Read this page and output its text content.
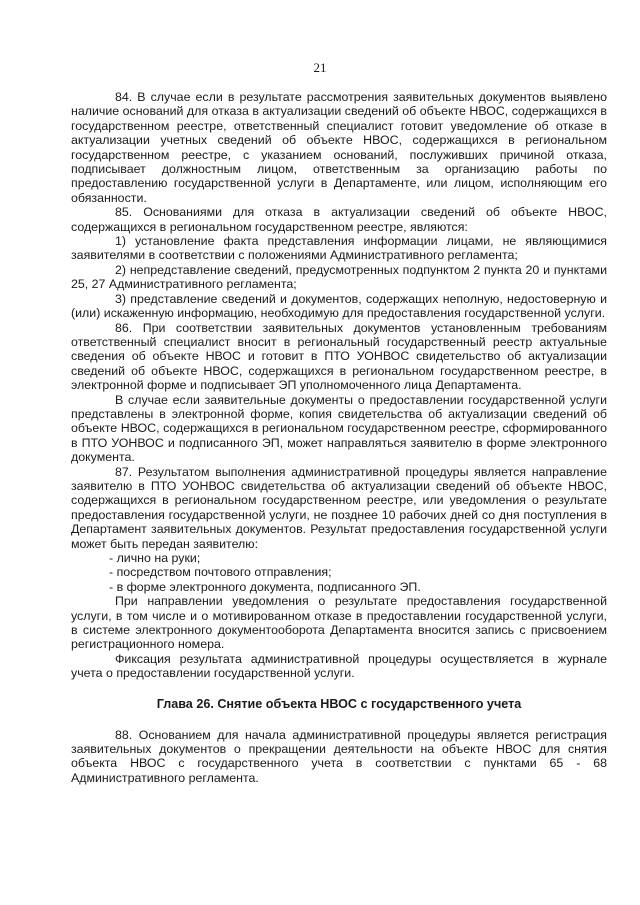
21

84. В случае если в результате рассмотрения заявительных документов выявлено наличие оснований для отказа в актуализации сведений об объекте НВОС, содержащихся в государственном реестре, ответственный специалист готовит уведомление об отказе в актуализации учетных сведений об объекте НВОС, содержащихся в региональном государственном реестре, с указанием оснований, послуживших причиной отказа, подписывает должностным лицом, ответственным за организацию работы по предоставлению государственной услуги в Департаменте, или лицом, исполняющим его обязанности.

85. Основаниями для отказа в актуализации сведений об объекте НВОС, содержащихся в региональном государственном реестре, являются:

1) установление факта представления информации лицами, не являющимися заявителями в соответствии с положениями Административного регламента;

2) непредставление сведений, предусмотренных подпунктом 2 пункта 20 и пунктами 25, 27 Административного регламента;

3) представление сведений и документов, содержащих неполную, недостоверную и (или) искаженную информацию, необходимую для предоставления государственной услуги.

86. При соответствии заявительных документов установленным требованиям ответственный специалист вносит в региональный государственный реестр актуальные сведения об объекте НВОС и готовит в ПТО УОНВОС свидетельство об актуализации сведений об объекте НВОС, содержащихся в региональном государственном реестре, в электронной форме и подписывает ЭП уполномоченного лица Департамента.

В случае если заявительные документы о предоставлении государственной услуги представлены в электронной форме, копия свидетельства об актуализации сведений об объекте НВОС, содержащихся в региональном государственном реестре, сформированного в ПТО УОНВОС и подписанного ЭП, может направляться заявителю в форме электронного документа.

87. Результатом выполнения административной процедуры является направление заявителю в ПТО УОНВОС свидетельства об актуализации сведений об объекте НВОС, содержащихся в региональном государственном реестре, или уведомления о результате предоставления государственной услуги, не позднее 10 рабочих дней со дня поступления в Департамент заявительных документов. Результат предоставления государственной услуги может быть передан заявителю:

- лично на руки;

- посредством почтового отправления;

- в форме электронного документа, подписанного ЭП.

При направлении уведомления о результате предоставления государственной услуги, в том числе и о мотивированном отказе в предоставлении государственной услуги, в системе электронного документооборота Департамента вносится запись с присвоением регистрационного номера.

Фиксация результата административной процедуры осуществляется в журнале учета о предоставлении государственной услуги.

Глава 26. Снятие объекта НВОС с государственного учета

88. Основанием для начала административной процедуры является регистрация заявительных документов о прекращении деятельности на объекте НВОС для снятия объекта НВОС с государственного учета в соответствии с пунктами 65 - 68 Административного регламента.
